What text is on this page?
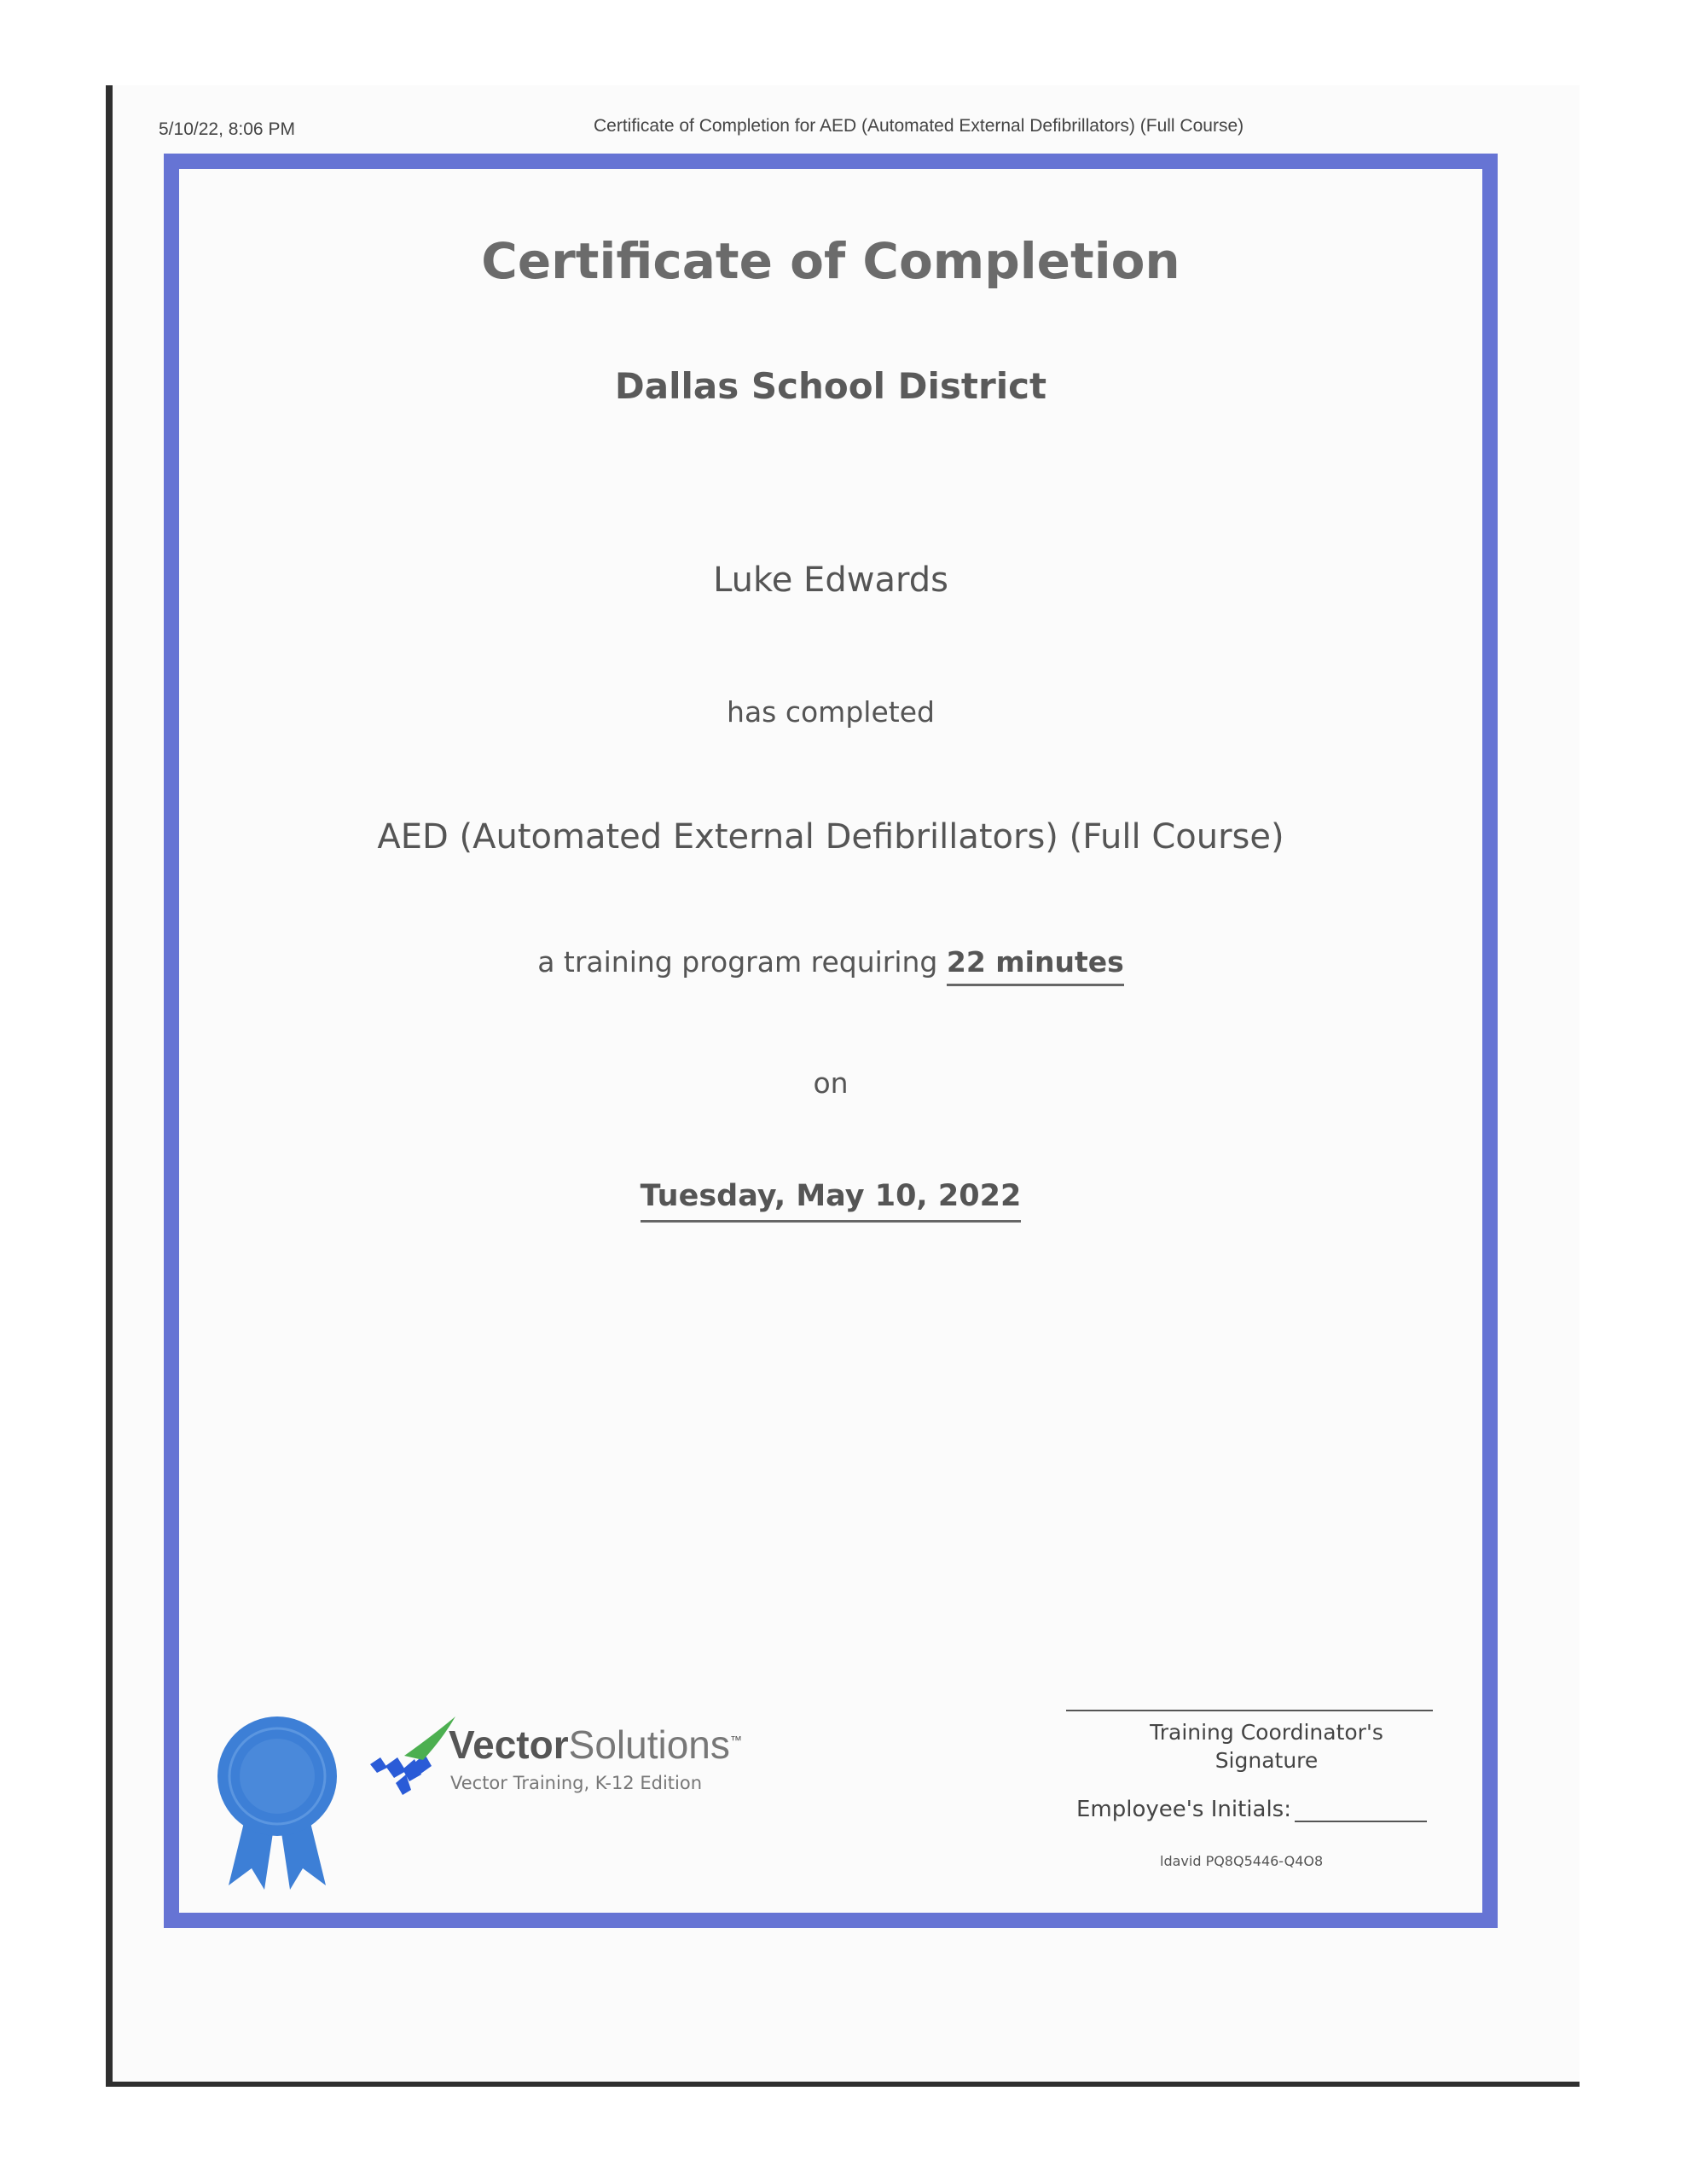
5/10/22, 8:06 PM	Certificate of Completion for AED (Automated External Defibrillators) (Full Course)
Certificate of Completion
Dallas School District
Luke Edwards
has completed
AED (Automated External Defibrillators) (Full Course)
a training program requiring 22 minutes
on
Tuesday, May 10, 2022
VectorSolutions™
Vector Training, K-12 Edition
Training Coordinator's
Signature
Employee's Initials:
ldavid PQ8Q5446-Q4O8
